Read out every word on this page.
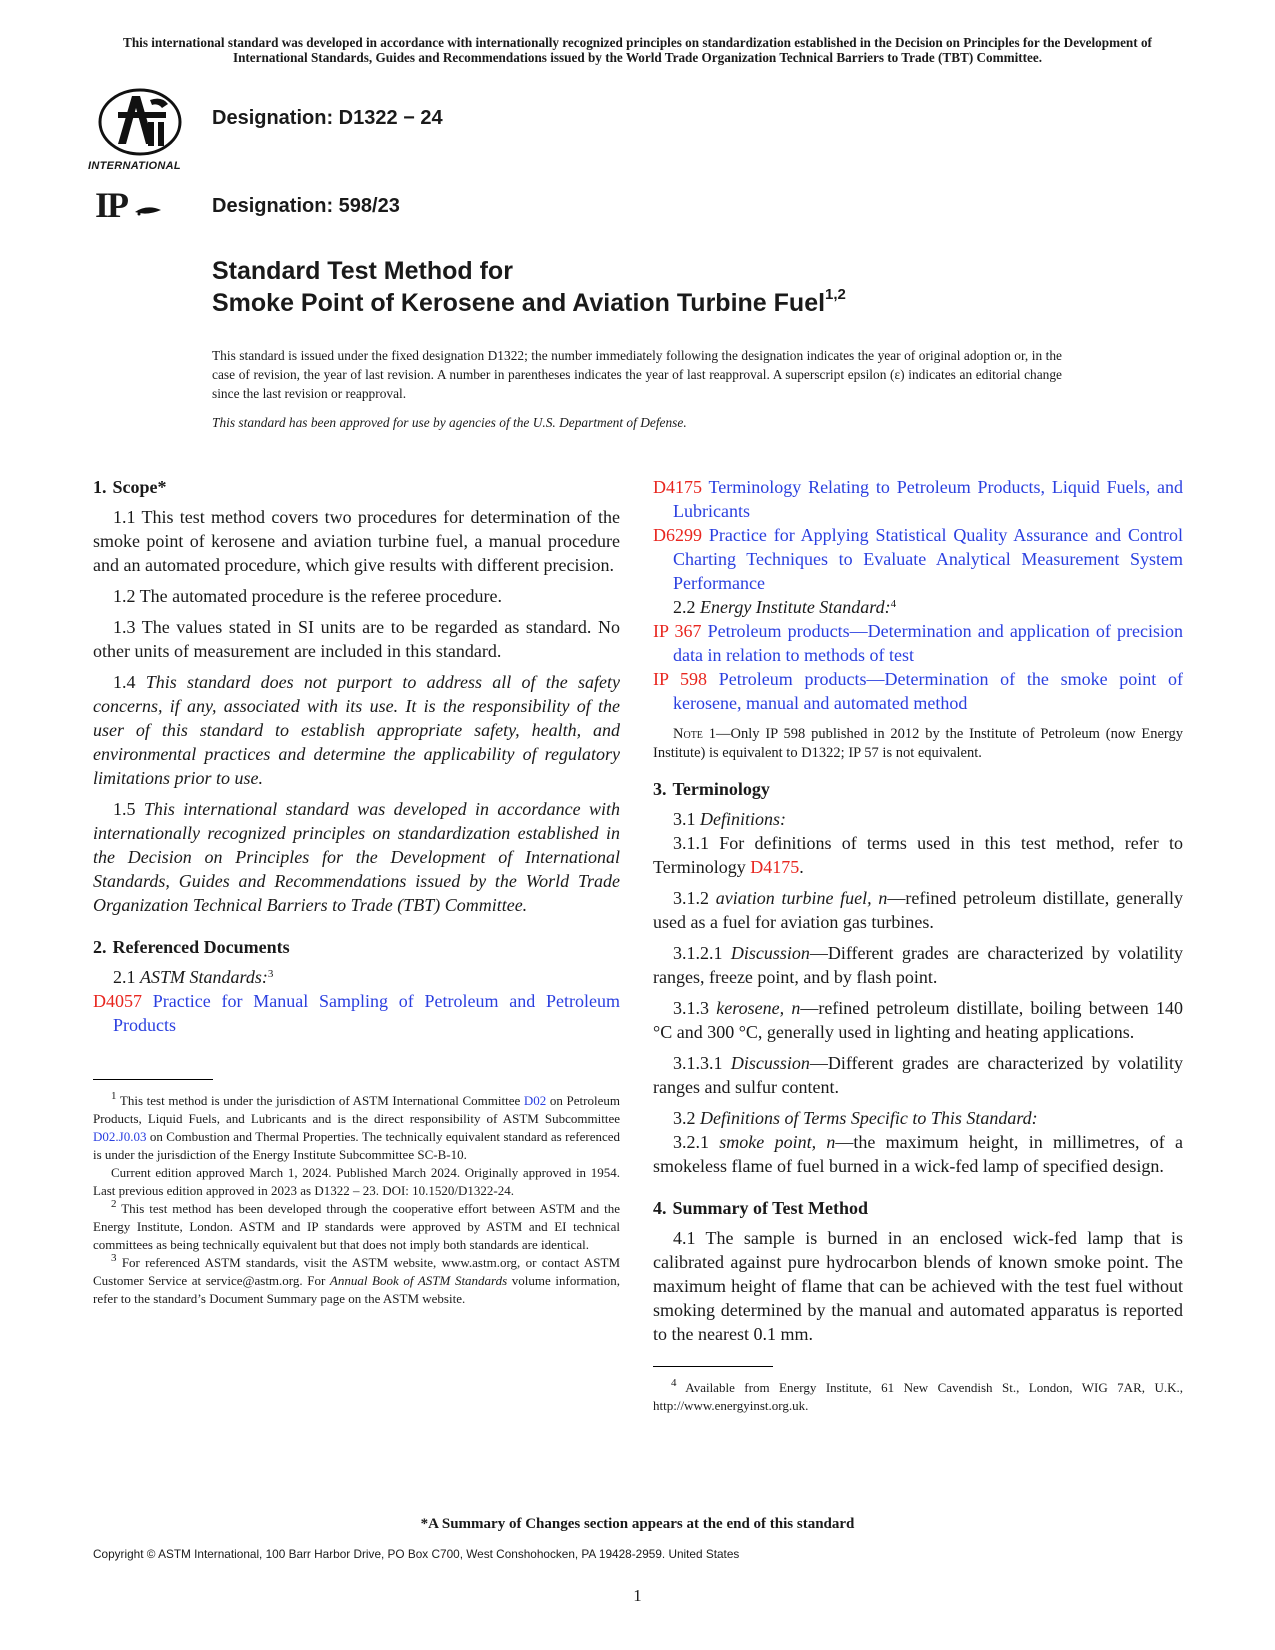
This international standard was developed in accordance with internationally recognized principles on standardization established in the Decision on Principles for the Development of International Standards, Guides and Recommendations issued by the World Trade Organization Technical Barriers to Trade (TBT) Committee.
INTERNATIONAL
Designation: D1322 − 24
IP	Designation: 598/23
Standard Test Method for
Smoke Point of Kerosene and Aviation Turbine Fuel$^{1,2}$
This standard is issued under the fixed designation D1322; the number immediately following the designation indicates the year of original adoption or, in the case of revision, the year of last revision. A number in parentheses indicates the year of last reapproval. A superscript epsilon (ε) indicates an editorial change since the last revision or reapproval.
This standard has been approved for use by agencies of the U.S. Department of Defense.
1. Scope*

1.1 This test method covers two procedures for determination of the smoke point of kerosene and aviation turbine fuel, a manual procedure and an automated procedure, which give results with different precision.

1.2 The automated procedure is the referee procedure.

1.3 The values stated in SI units are to be regarded as standard. No other units of measurement are included in this standard.

1.4 This standard does not purport to address all of the safety concerns, if any, associated with its use. It is the responsibility of the user of this standard to establish appropriate safety, health, and environmental practices and determine the applicability of regulatory limitations prior to use.

1.5 This international standard was developed in accordance with internationally recognized principles on standardization established in the Decision on Principles for the Development of International Standards, Guides and Recommendations issued by the World Trade Organization Technical Barriers to Trade (TBT) Committee.

2. Referenced Documents

2.1 ASTM Standards:$^3$

D4057 Practice for Manual Sampling of Petroleum and Petroleum Products

$^1$ This test method is under the jurisdiction of ASTM International Committee D02 on Petroleum Products, Liquid Fuels, and Lubricants and is the direct responsibility of ASTM Subcommittee D02.J0.03 on Combustion and Thermal Properties. The technically equivalent standard as referenced is under the jurisdiction of the Energy Institute Subcommittee SC-B-10.

Current edition approved March 1, 2024. Published March 2024. Originally approved in 1954. Last previous edition approved in 2023 as D1322 – 23. DOI: 10.1520/D1322-24.

$^2$ This test method has been developed through the cooperative effort between ASTM and the Energy Institute, London. ASTM and IP standards were approved by ASTM and EI technical committees as being technically equivalent but that does not imply both standards are identical.

$^3$ For referenced ASTM standards, visit the ASTM website, www.astm.org, or contact ASTM Customer Service at service@astm.org. For Annual Book of ASTM Standards volume information, refer to the standard’s Document Summary page on the ASTM website.

D4175 Terminology Relating to Petroleum Products, Liquid Fuels, and Lubricants
D6299 Practice for Applying Statistical Quality Assurance and Control Charting Techniques to Evaluate Analytical Measurement System Performance

2.2 Energy Institute Standard:$^4$

IP 367 Petroleum products—Determination and application of precision data in relation to methods of test
IP 598 Petroleum products—Determination of the smoke point of kerosene, manual and automated method

Note 1—Only IP 598 published in 2012 by the Institute of Petroleum (now Energy Institute) is equivalent to D1322; IP 57 is not equivalent.

3. Terminology

3.1 Definitions:

3.1.1 For definitions of terms used in this test method, refer to Terminology D4175.

3.1.2 aviation turbine fuel, n—refined petroleum distillate, generally used as a fuel for aviation gas turbines.

3.1.2.1 Discussion—Different grades are characterized by volatility ranges, freeze point, and by flash point.

3.1.3 kerosene, n—refined petroleum distillate, boiling between 140 °C and 300 °C, generally used in lighting and heating applications.

3.1.3.1 Discussion—Different grades are characterized by volatility ranges and sulfur content.

3.2 Definitions of Terms Specific to This Standard:

3.2.1 smoke point, n—the maximum height, in millimetres, of a smokeless flame of fuel burned in a wick-fed lamp of specified design.

4. Summary of Test Method

4.1 The sample is burned in an enclosed wick-fed lamp that is calibrated against pure hydrocarbon blends of known smoke point. The maximum height of flame that can be achieved with the test fuel without smoking determined by the manual and automated apparatus is reported to the nearest 0.1 mm.

$^4$ Available from Energy Institute, 61 New Cavendish St., London, WIG 7AR, U.K., http://www.energyinst.org.uk.

*A Summary of Changes section appears at the end of this standard
Copyright © ASTM International, 100 Barr Harbor Drive, PO Box C700, West Conshohocken, PA 19428-2959. United States
1
